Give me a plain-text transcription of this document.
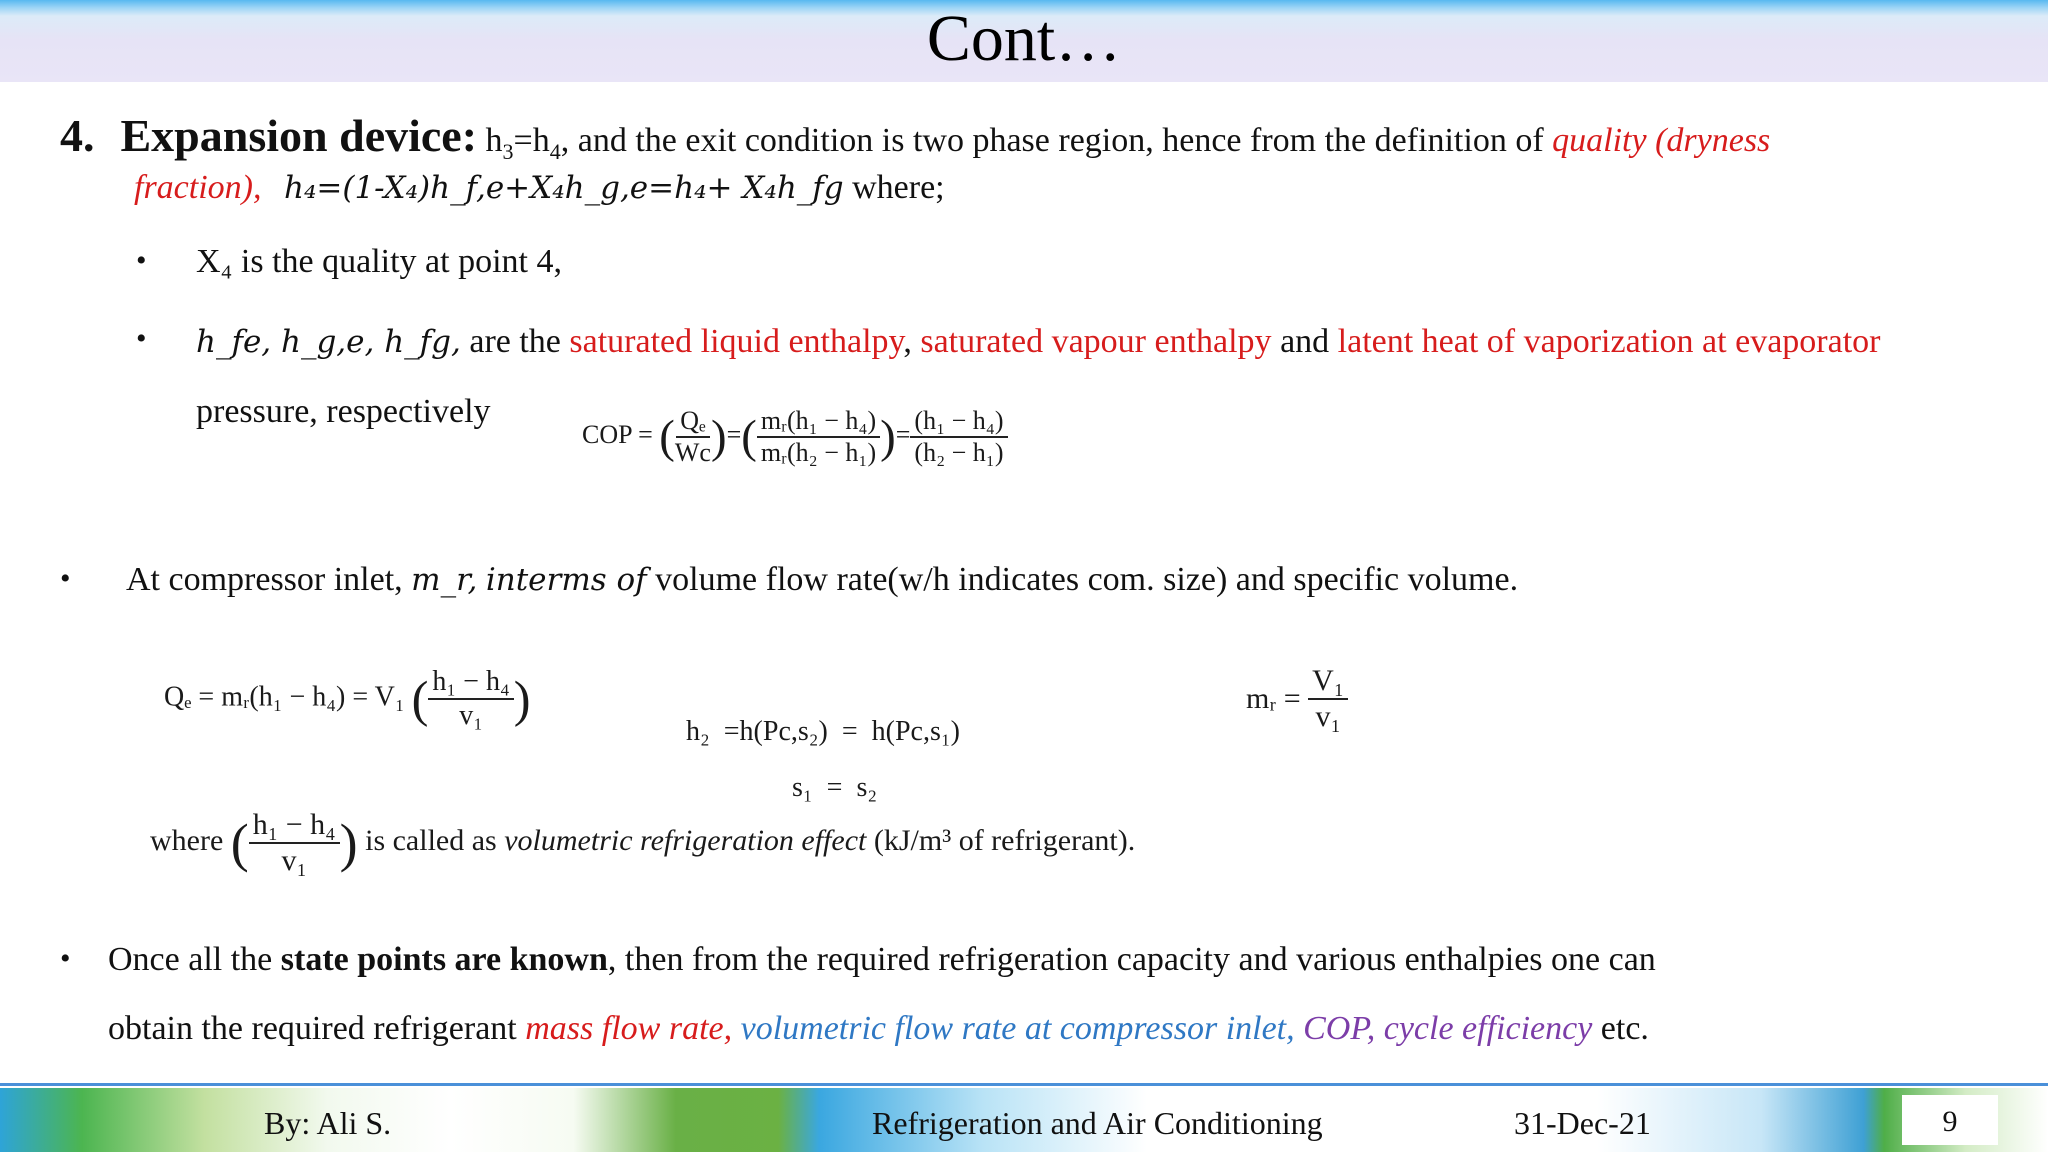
Cont…
4. Expansion device: $h_3=h_4$, and the exit condition is two phase region, hence from the definition of quality (dryness
fraction), h₄=(1-X₄)h_f,e+X₄h_g,e=h₄+ X₄h_fg where;
• X₄ is the quality at point 4,
• h_fe, h_g,e, h_fg, are the saturated liquid enthalpy, saturated vapour enthalpy and latent heat of vaporization at evaporator
pressure, respectively
COP = ( $\frac{\text{Qₑ}}{Wc}$ )=( $\frac{\text{mᵣ(h₁ − h₄)}}{\text{mᵣ(h₂ − h₁)}}$ )= $\frac{\text{(h₁ − h₄)}}{\text{(h₂ − h₁)}}$
• At compressor inlet, m_r, interms of volume flow rate(w/h indicates com. size) and specific volume.
Qₑ = mᵣ(h₁ − h₄) = V₁ ( $\frac{\text{h₁ − h₄}}{\text{v₁}}$ )

h₂  =h(Pc,s₂)  =  h(Pc,s₁)

s₁  =  s₂

mᵣ = $\frac{\text{V₁}}{\text{v₁}}$
where ( $\frac{\text{h₁ − h₄}}{\text{v₁}}$ ) is called as volumetric refrigeration effect (kJ/m³ of refrigerant).
• Once all the state points are known, then from the required refrigeration capacity and various enthalpies one can
obtain the required refrigerant mass flow rate, volumetric flow rate at compressor inlet, COP, cycle efficiency etc.
By: Ali S.	Refrigeration and Air Conditioning	31-Dec-21	9
